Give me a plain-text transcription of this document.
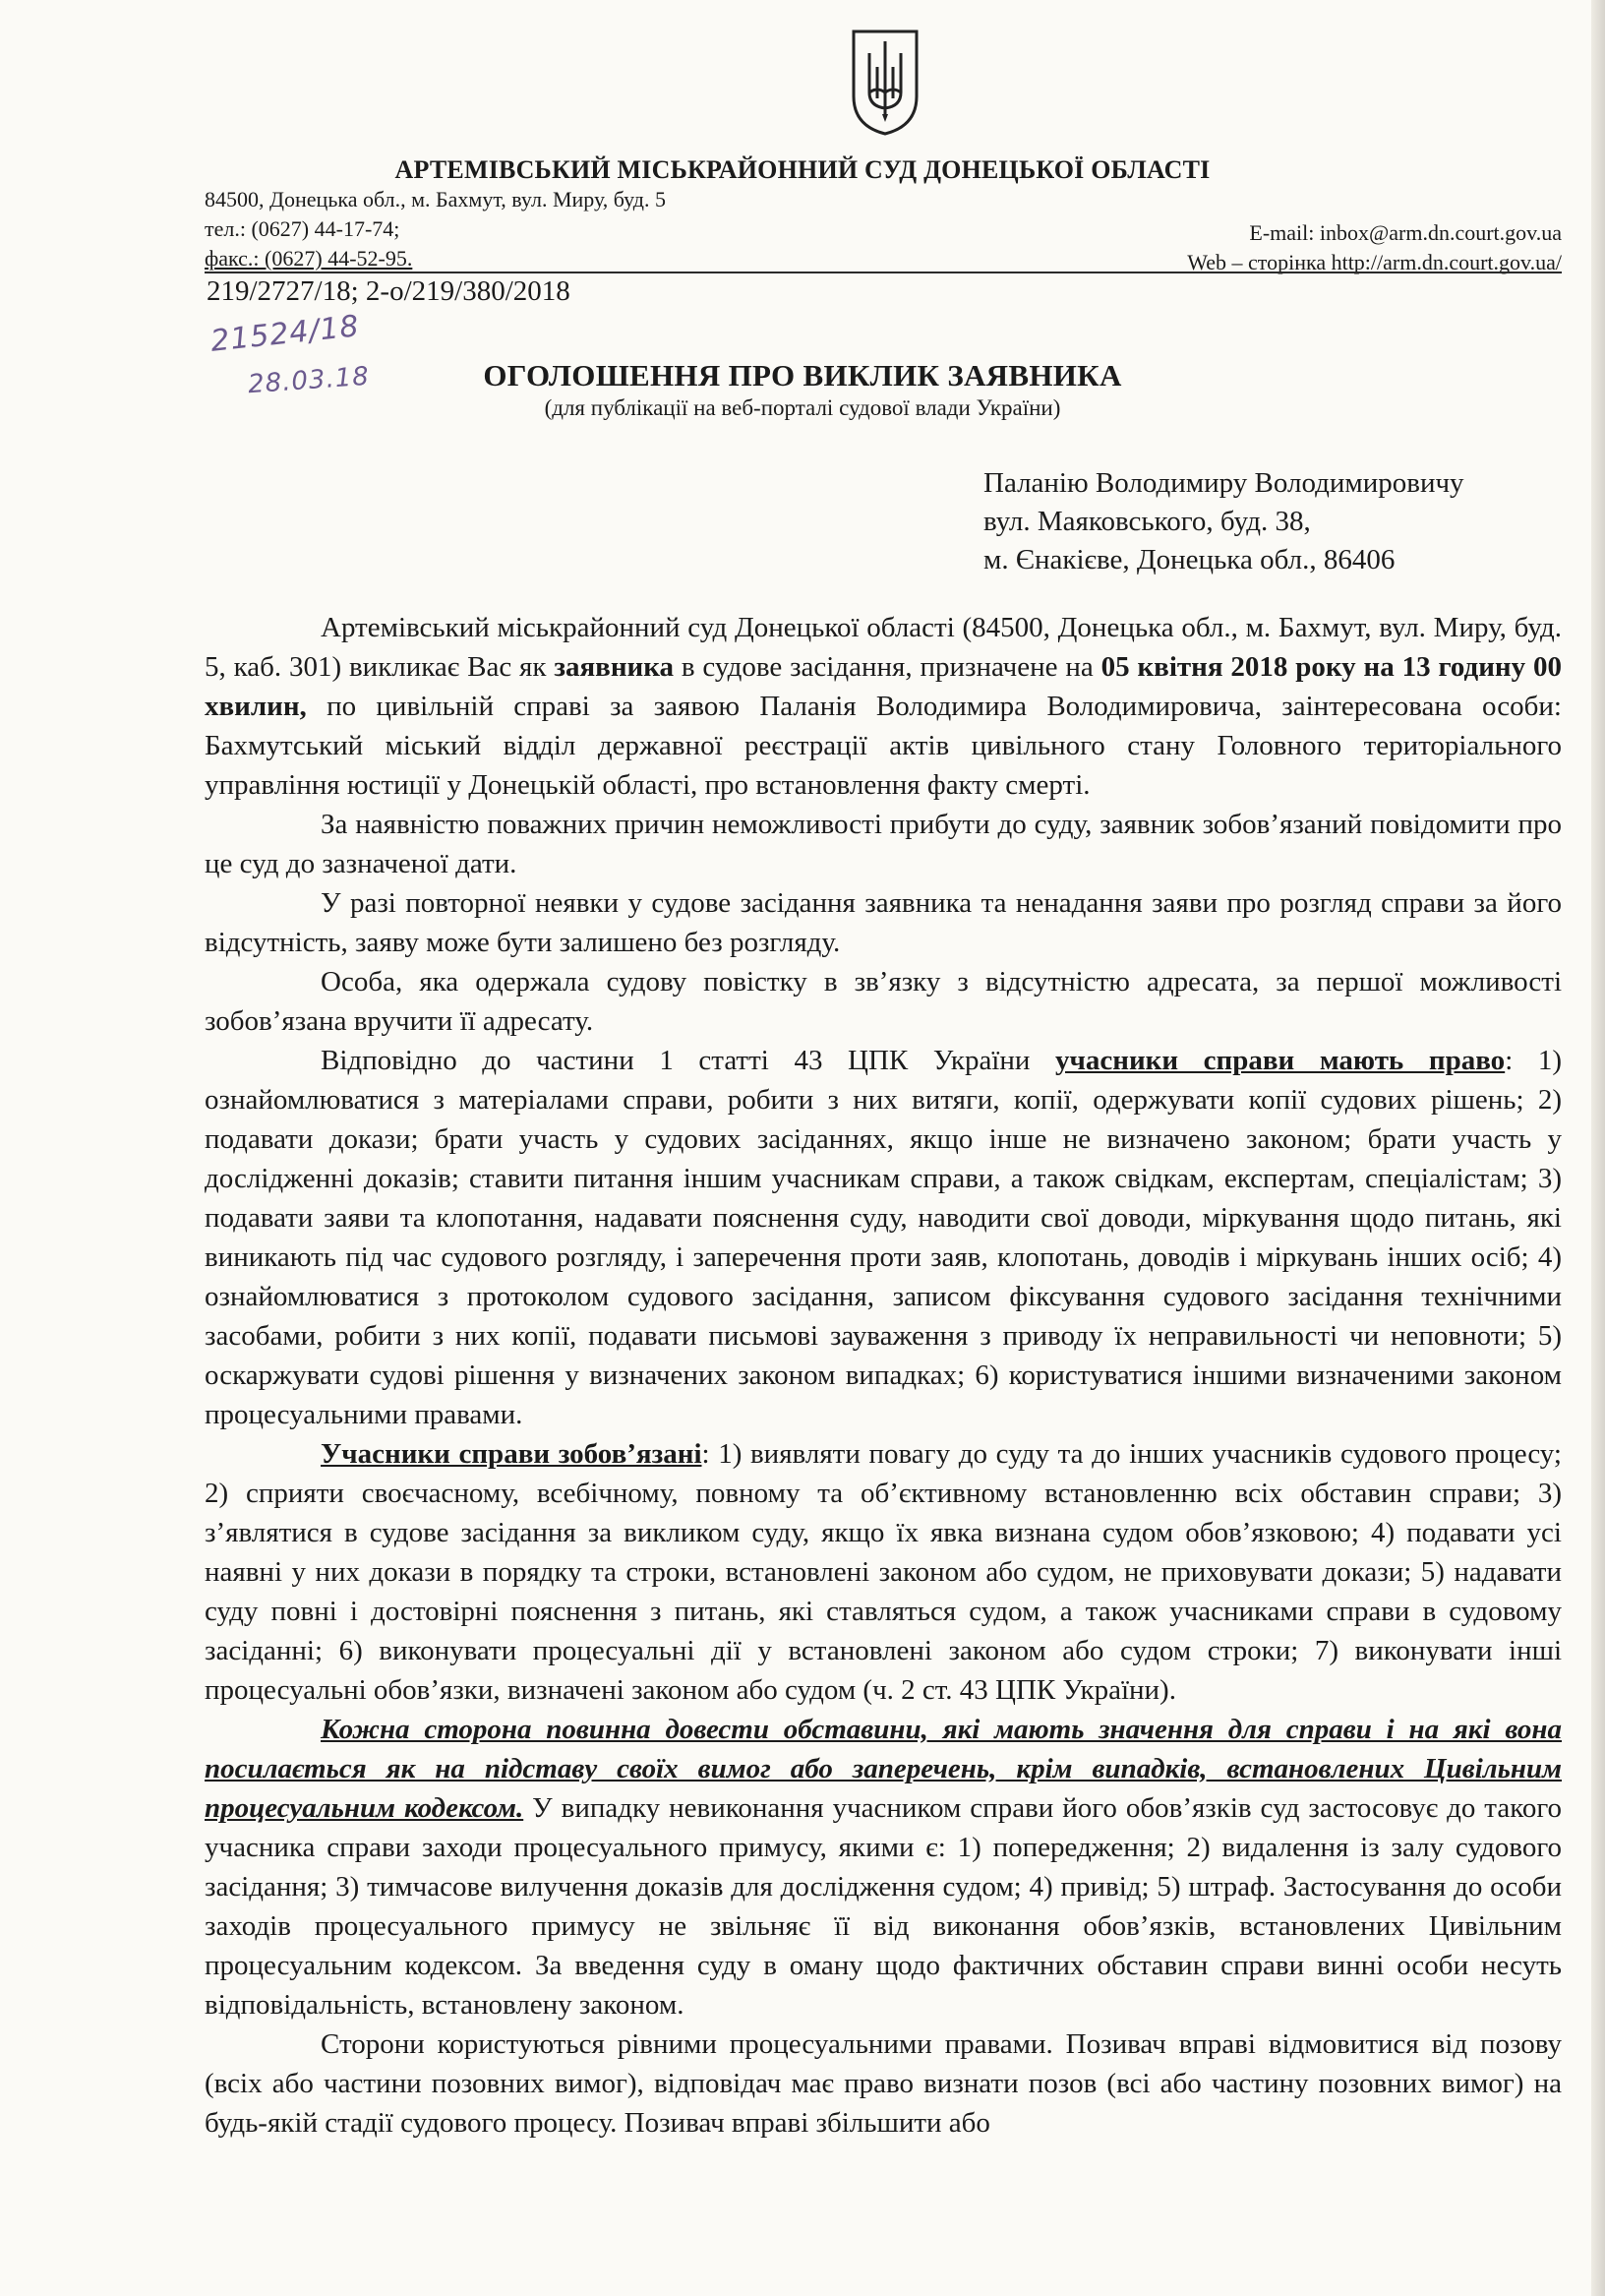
АРТЕМІВСЬКИЙ МІСЬКРАЙОННИЙ СУД ДОНЕЦЬКОЇ ОБЛАСТІ
84500, Донецька обл., м. Бахмут, вул. Миру, буд. 5
тел.: (0627) 44-17-74;
факс.: (0627) 44-52-95.
E-mail: inbox@arm.dn.court.gov.ua
Web – сторінка http://arm.dn.court.gov.ua/
219/2727/18; 2-о/219/380/2018
21524/18
28.03.18	ОГОЛОШЕННЯ ПРО ВИКЛИК ЗАЯВНИКА
(для публікації на веб-порталі судової влади України)
Паланію Володимиру Володимировичу
вул. Маяковського, буд. 38,
м. Єнакієве, Донецька обл., 86406

Артемівський міськрайонний суд Донецької області (84500, Донецька обл., м. Бахмут, вул. Миру, буд. 5, каб. 301) викликає Вас як заявника в судове засідання, призначене на 05 квітня 2018 року на 13 годину 00 хвилин, по цивільній справі за заявою Паланія Володимира Володимировича, заінтересована особи: Бахмутський міський відділ державної реєстрації актів цивільного стану Головного територіального управління юстиції у Донецькій області, про встановлення факту смерті.

За наявністю поважних причин неможливості прибути до суду, заявник зобов’язаний повідомити про це суд до зазначеної дати.

У разі повторної неявки у судове засідання заявника та ненадання заяви про розгляд справи за його відсутність, заяву може бути залишено без розгляду.

Особа, яка одержала судову повістку в зв’язку з відсутністю адресата, за першої можливості зобов’язана вручити її адресату.

Відповідно до частини 1 статті 43 ЦПК України учасники справи мають право: 1) ознайомлюватися з матеріалами справи, робити з них витяги, копії, одержувати копії судових рішень; 2) подавати докази; брати участь у судових засіданнях, якщо інше не визначено законом; брати участь у дослідженні доказів; ставити питання іншим учасникам справи, а також свідкам, експертам, спеціалістам; 3) подавати заяви та клопотання, надавати пояснення суду, наводити свої доводи, міркування щодо питань, які виникають під час судового розгляду, і заперечення проти заяв, клопотань, доводів і міркувань інших осіб; 4) ознайомлюватися з протоколом судового засідання, записом фіксування судового засідання технічними засобами, робити з них копії, подавати письмові зауваження з приводу їх неправильності чи неповноти; 5) оскаржувати судові рішення у визначених законом випадках; 6) користуватися іншими визначеними законом процесуальними правами.

Учасники справи зобов’язані: 1) виявляти повагу до суду та до інших учасників судового процесу; 2) сприяти своєчасному, всебічному, повному та об’єктивному встановленню всіх обставин справи; 3) з’являтися в судове засідання за викликом суду, якщо їх явка визнана судом обов’язковою; 4) подавати усі наявні у них докази в порядку та строки, встановлені законом або судом, не приховувати докази; 5) надавати суду повні і достовірні пояснення з питань, які ставляться судом, а також учасниками справи в судовому засіданні; 6) виконувати процесуальні дії у встановлені законом або судом строки; 7) виконувати інші процесуальні обов’язки, визначені законом або судом (ч. 2 ст. 43 ЦПК України).

Кожна сторона повинна довести обставини, які мають значення для справи і на які вона посилається як на підставу своїх вимог або заперечень, крім випадків, встановлених Цивільним процесуальним кодексом. У випадку невиконання учасником справи його обов’язків суд застосовує до такого учасника справи заходи процесуального примусу, якими є: 1) попередження; 2) видалення із залу судового засідання; 3) тимчасове вилучення доказів для дослідження судом; 4) привід; 5) штраф. Застосування до особи заходів процесуального примусу не звільняє її від виконання обов’язків, встановлених Цивільним процесуальним кодексом. За введення суду в оману щодо фактичних обставин справи винні особи несуть відповідальність, встановлену законом.

Сторони користуються рівними процесуальними правами. Позивач вправі відмовитися від позову (всіх або частини позовних вимог), відповідач має право визнати позов (всі або частину позовних вимог) на будь-якій стадії судового процесу. Позивач вправі збільшити або
